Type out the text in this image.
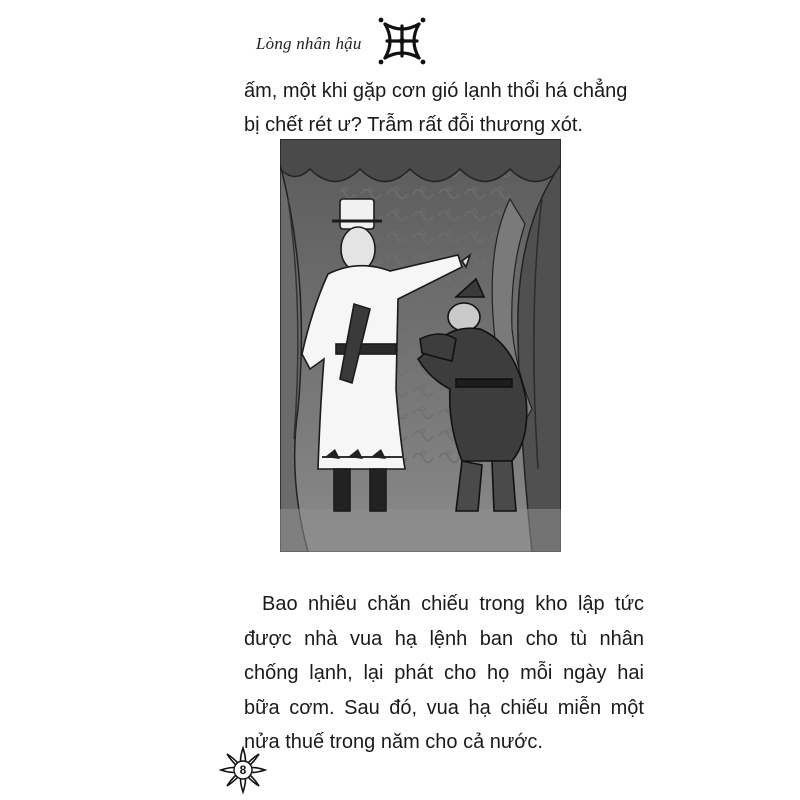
Lòng nhân hậu
ấm, một khi gặp cơn gió lạnh thổi há chẳng
bị chết rét ư? Trẫm rất đỗi thương xót.
Bao nhiêu chăn chiếu trong kho lập tức
được nhà vua hạ lệnh ban cho tù nhân
chống lạnh, lại phát cho họ mỗi ngày hai
bữa cơm. Sau đó, vua hạ chiếu miễn một
nửa thuế trong năm cho cả nước.
8
